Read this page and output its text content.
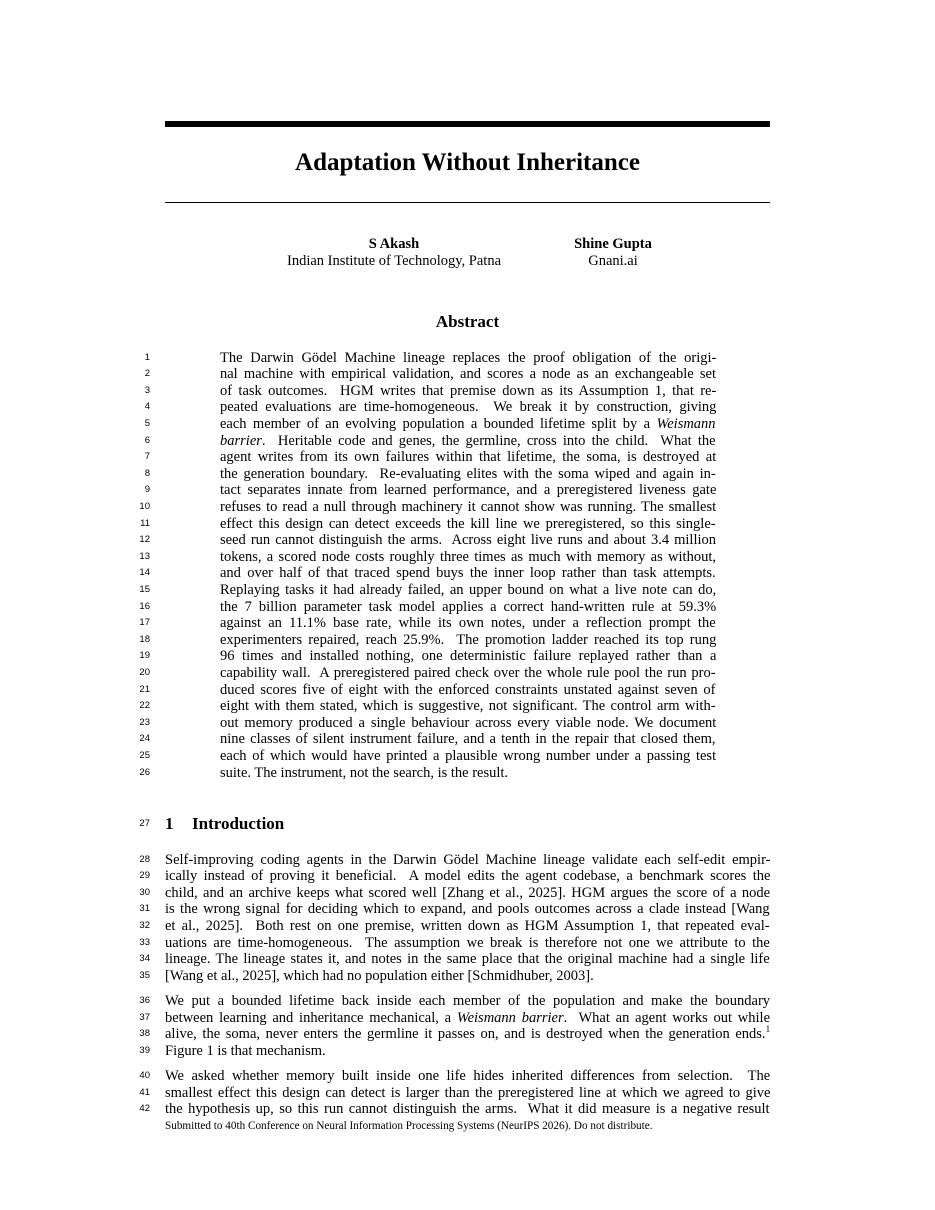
Adaptation Without Inheritance
S Akash
Indian Institute of Technology, Patna
Shine Gupta
Gnani.ai
Abstract
1	The Darwin Gödel Machine lineage replaces the proof obligation of the origi-
2	nal machine with empirical validation, and scores a node as an exchangeable set
3	of task outcomes.  HGM writes that premise down as its Assumption 1, that re-
4	peated evaluations are time-homogeneous.  We break it by construction, giving
5	each member of an evolving population a bounded lifetime split by a Weismann
6	barrier.  Heritable code and genes, the germline, cross into the child.  What the
7	agent writes from its own failures within that lifetime, the soma, is destroyed at
8	the generation boundary.  Re-evaluating elites with the soma wiped and again in-
9	tact separates innate from learned performance, and a preregistered liveness gate
10	refuses to read a null through machinery it cannot show was running. The smallest
11	effect this design can detect exceeds the kill line we preregistered, so this single-
12	seed run cannot distinguish the arms.  Across eight live runs and about 3.4 million
13	tokens, a scored node costs roughly three times as much with memory as without,
14	and over half of that traced spend buys the inner loop rather than task attempts.
15	Replaying tasks it had already failed, an upper bound on what a live note can do,
16	the 7 billion parameter task model applies a correct hand-written rule at 59.3%
17	against an 11.1% base rate, while its own notes, under a reflection prompt the
18	experimenters repaired, reach 25.9%.  The promotion ladder reached its top rung
19	96 times and installed nothing, one deterministic failure replayed rather than a
20	capability wall.  A preregistered paired check over the whole rule pool the run pro-
21	duced scores five of eight with the enforced constraints unstated against seven of
22	eight with them stated, which is suggestive, not significant. The control arm with-
23	out memory produced a single behaviour across every viable node. We document
24	nine classes of silent instrument failure, and a tenth in the repair that closed them,
25	each of which would have printed a plausible wrong number under a passing test
26	suite. The instrument, not the search, is the result.
27 1 Introduction
28 Self-improving coding agents in the Darwin Gödel Machine lineage validate each self-edit empir-
29 ically instead of proving it beneficial.  A model edits the agent codebase, a benchmark scores the
30 child, and an archive keeps what scored well [Zhang et al., 2025]. HGM argues the score of a node
31 is the wrong signal for deciding which to expand, and pools outcomes across a clade instead [Wang
32 et al., 2025].  Both rest on one premise, written down as HGM Assumption 1, that repeated eval-
33 uations are time-homogeneous.  The assumption we break is therefore not one we attribute to the
34 lineage. The lineage states it, and notes in the same place that the original machine had a single life
35 [Wang et al., 2025], which had no population either [Schmidhuber, 2003].
36 We put a bounded lifetime back inside each member of the population and make the boundary
37 between learning and inheritance mechanical, a Weismann barrier.  What an agent works out while
38 alive, the soma, never enters the germline it passes on, and is destroyed when the generation ends.$^1$
39 Figure 1 is that mechanism.
40 We asked whether memory built inside one life hides inherited differences from selection.  The
41 smallest effect this design can detect is larger than the preregistered line at which we agreed to give
42 the hypothesis up, so this run cannot distinguish the arms.  What it did measure is a negative result
Submitted to 40th Conference on Neural Information Processing Systems (NeurIPS 2026). Do not distribute.
